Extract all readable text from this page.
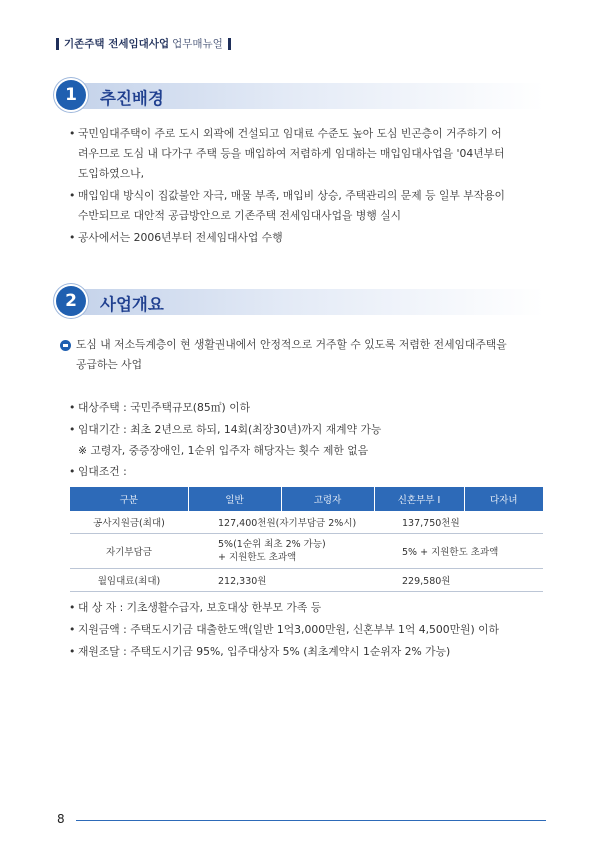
기존주택 전세임대사업 업무매뉴얼
1	추진배경
• 국민임대주택이 주로 도시 외곽에 건설되고 임대료 수준도 높아 도심 빈곤층이 거주하기 어
려우므로 도심 내 다가구 주택 등을 매입하여 저렴하게 임대하는 매입임대사업을 '04년부터
도입하였으나,
• 매입임대 방식이 집값불안 자극, 매물 부족, 매입비 상승, 주택관리의 문제 등 일부 부작용이
수반되므로 대안적 공급방안으로 기존주택 전세임대사업을 병행 실시
• 공사에서는 2006년부터 전세임대사업 수행
2	사업개요
도심 내 저소득계층이 현 생활권내에서 안정적으로 거주할 수 있도록 저렴한 전세임대주택을
공급하는 사업
• 대상주택 : 국민주택규모(85㎡) 이하
• 임대기간 : 최초 2년으로 하되, 14회(최장30년)까지 재계약 가능
※ 고령자, 중증장애인, 1순위 입주자 해당자는 횟수 제한 없음
• 임대조건 :
구분	일반	고령자	신혼부부 Ⅰ	다자녀
공사지원금(최대)	127,400천원(자기부담금 2%시)		137,750천원	
자기부담금	5%(1순위 최초 2% 가능)
+ 지원한도 초과액		5% + 지원한도 초과액	
월임대료(최대)	212,330원		229,580원	
• 대 상 자 : 기초생활수급자, 보호대상 한부모 가족 등
• 지원금액 : 주택도시기금 대출한도액(일반 1억3,000만원, 신혼부부 1억 4,500만원) 이하
• 재원조달 : 주택도시기금 95%, 입주대상자 5% (최초계약시 1순위자 2% 가능)
8
